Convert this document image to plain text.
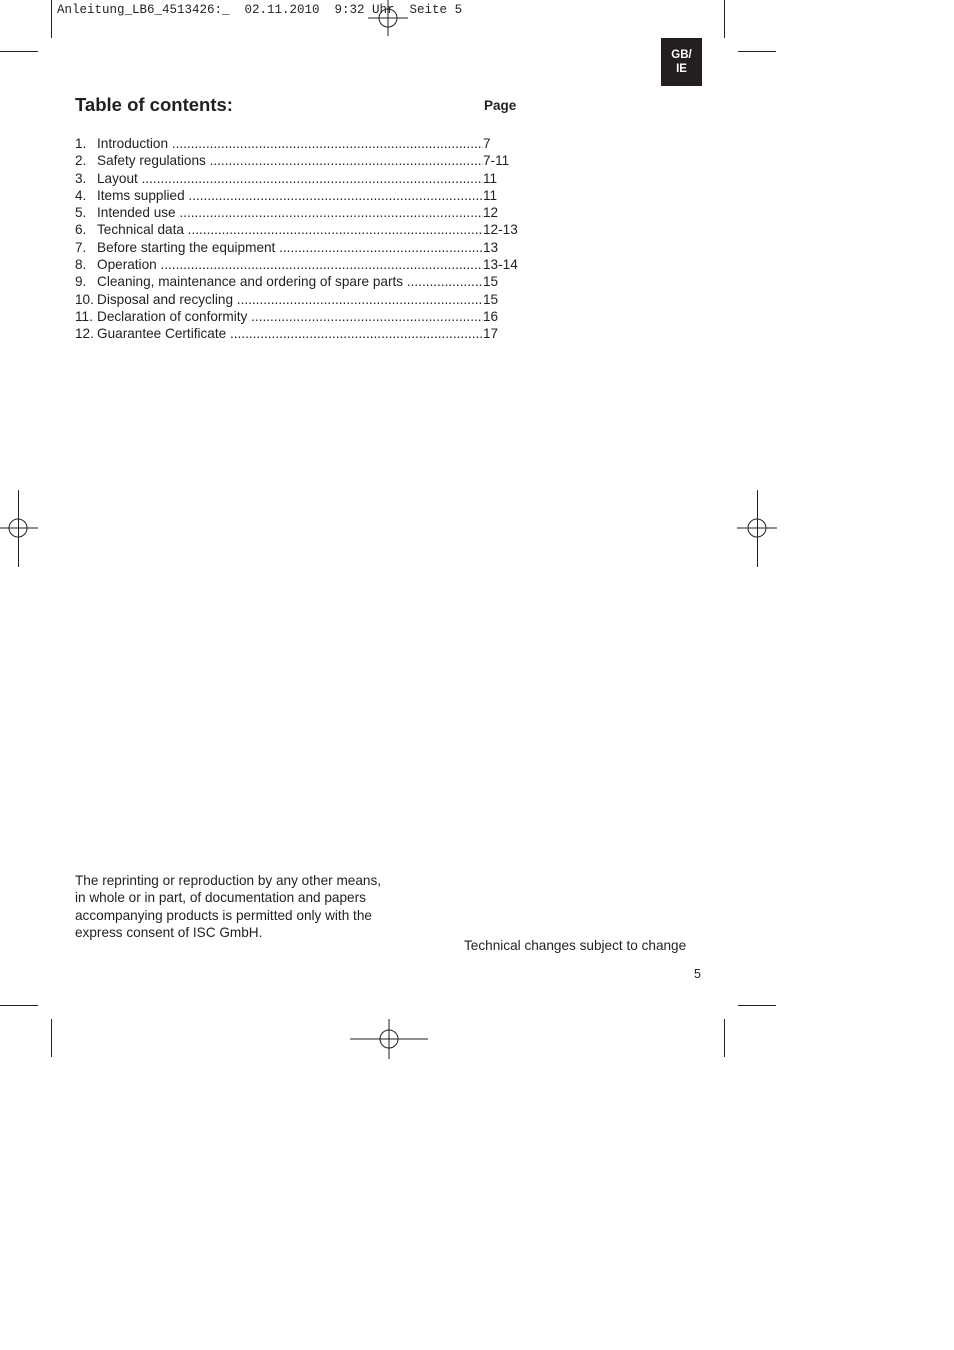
Anleitung_LB6_4513426:_  02.11.2010  9:32 Uhr  Seite 5
GB/
IE
Table of contents:	Page
1. Introduction .....	7
2. Safety regulations .....	7-11
3. Layout .....	11
4. Items supplied .....	11
5. Intended use .....	12
6. Technical data .....	12-13
7. Before starting the equipment .....	13
8. Operation .....	13-14
9. Cleaning, maintenance and ordering of spare parts .....	15
10. Disposal and recycling .....	15
11. Declaration of conformity .....	16
12. Guarantee Certificate .....	17
The reprinting or reproduction by any other means, in whole or in part, of documentation and papers accompanying products is permitted only with the express consent of ISC GmbH.
Technical changes subject to change
5
